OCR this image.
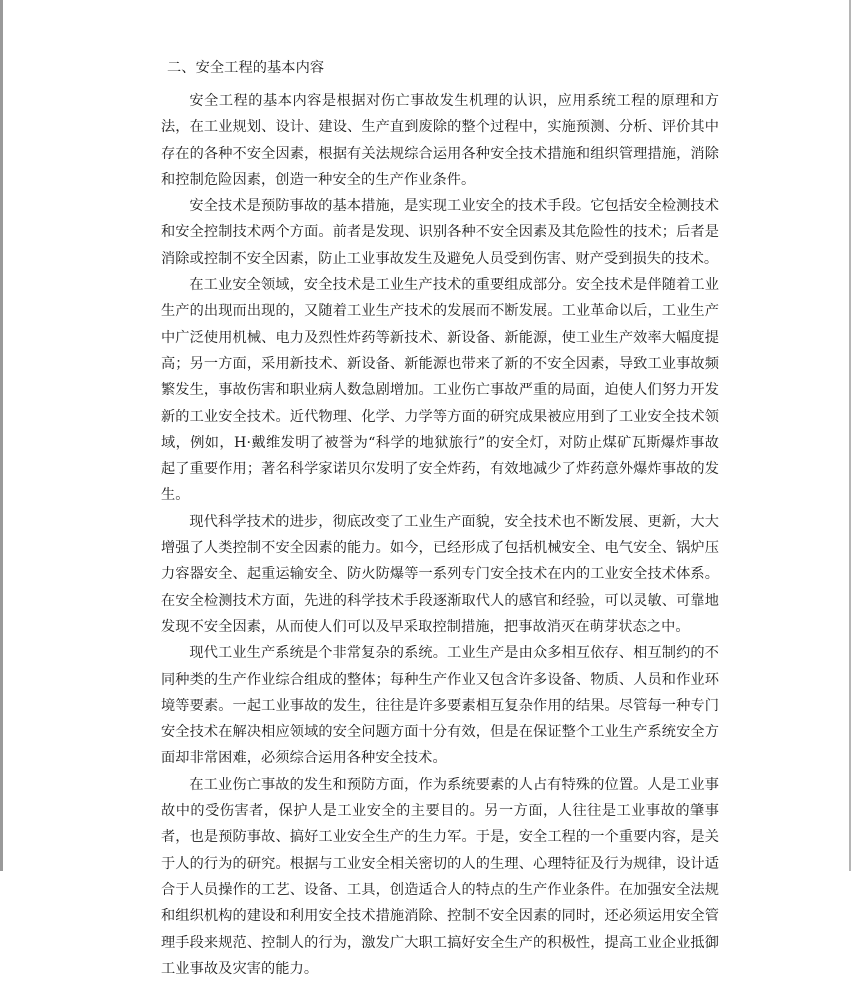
二、安全工程的基本内容

安全工程的基本内容是根据对伤亡事故发生机理的认识，应用系统工程的原理和方法，在工业规划、设计、建设、生产直到废除的整个过程中，实施预测、分析、评价其中存在的各种不安全因素，根据有关法规综合运用各种安全技术措施和组织管理措施，消除和控制危险因素，创造一种安全的生产作业条件。

安全技术是预防事故的基本措施，是实现工业安全的技术手段。它包括安全检测技术和安全控制技术两个方面。前者是发现、识别各种不安全因素及其危险性的技术；后者是消除或控制不安全因素，防止工业事故发生及避免人员受到伤害、财产受到损失的技术。

在工业安全领域，安全技术是工业生产技术的重要组成部分。安全技术是伴随着工业生产的出现而出现的，又随着工业生产技术的发展而不断发展。工业革命以后，工业生产中广泛使用机械、电力及烈性炸药等新技术、新设备、新能源，使工业生产效率大幅度提高；另一方面，采用新技术、新设备、新能源也带来了新的不安全因素，导致工业事故频繁发生，事故伤害和职业病人数急剧增加。工业伤亡事故严重的局面，迫使人们努力开发新的工业安全技术。近代物理、化学、力学等方面的研究成果被应用到了工业安全技术领域，例如，H·戴维发明了被誉为“科学的地狱旅行”的安全灯，对防止煤矿瓦斯爆炸事故起了重要作用；著名科学家诺贝尔发明了安全炸药，有效地减少了炸药意外爆炸事故的发生。

现代科学技术的进步，彻底改变了工业生产面貌，安全技术也不断发展、更新，大大增强了人类控制不安全因素的能力。如今，已经形成了包括机械安全、电气安全、锅炉压力容器安全、起重运输安全、防火防爆等一系列专门安全技术在内的工业安全技术体系。在安全检测技术方面，先进的科学技术手段逐渐取代人的感官和经验，可以灵敏、可靠地发现不安全因素，从而使人们可以及早采取控制措施，把事故消灭在萌芽状态之中。

现代工业生产系统是个非常复杂的系统。工业生产是由众多相互依存、相互制约的不同种类的生产作业综合组成的整体；每种生产作业又包含许多设备、物质、人员和作业环境等要素。一起工业事故的发生，往往是许多要素相互复杂作用的结果。尽管每一种专门安全技术在解决相应领域的安全问题方面十分有效，但是在保证整个工业生产系统安全方面却非常困难，必须综合运用各种安全技术。

在工业伤亡事故的发生和预防方面，作为系统要素的人占有特殊的位置。人是工业事故中的受伤害者，保护人是工业安全的主要目的。另一方面，人往往是工业事故的肇事者，也是预防事故、搞好工业安全生产的生力军。于是，安全工程的一个重要内容，是关于人的行为的研究。根据与工业安全相关密切的人的生理、心理特征及行为规律，设计适合于人员操作的工艺、设备、工具，创造适合人的特点的生产作业条件。在加强安全法规和组织机构的建设和利用安全技术措施消除、控制不安全因素的同时，还必须运用安全管理手段来规范、控制人的行为，激发广大职工搞好安全生产的积极性，提高工业企业抵御工业事故及灾害的能力。
